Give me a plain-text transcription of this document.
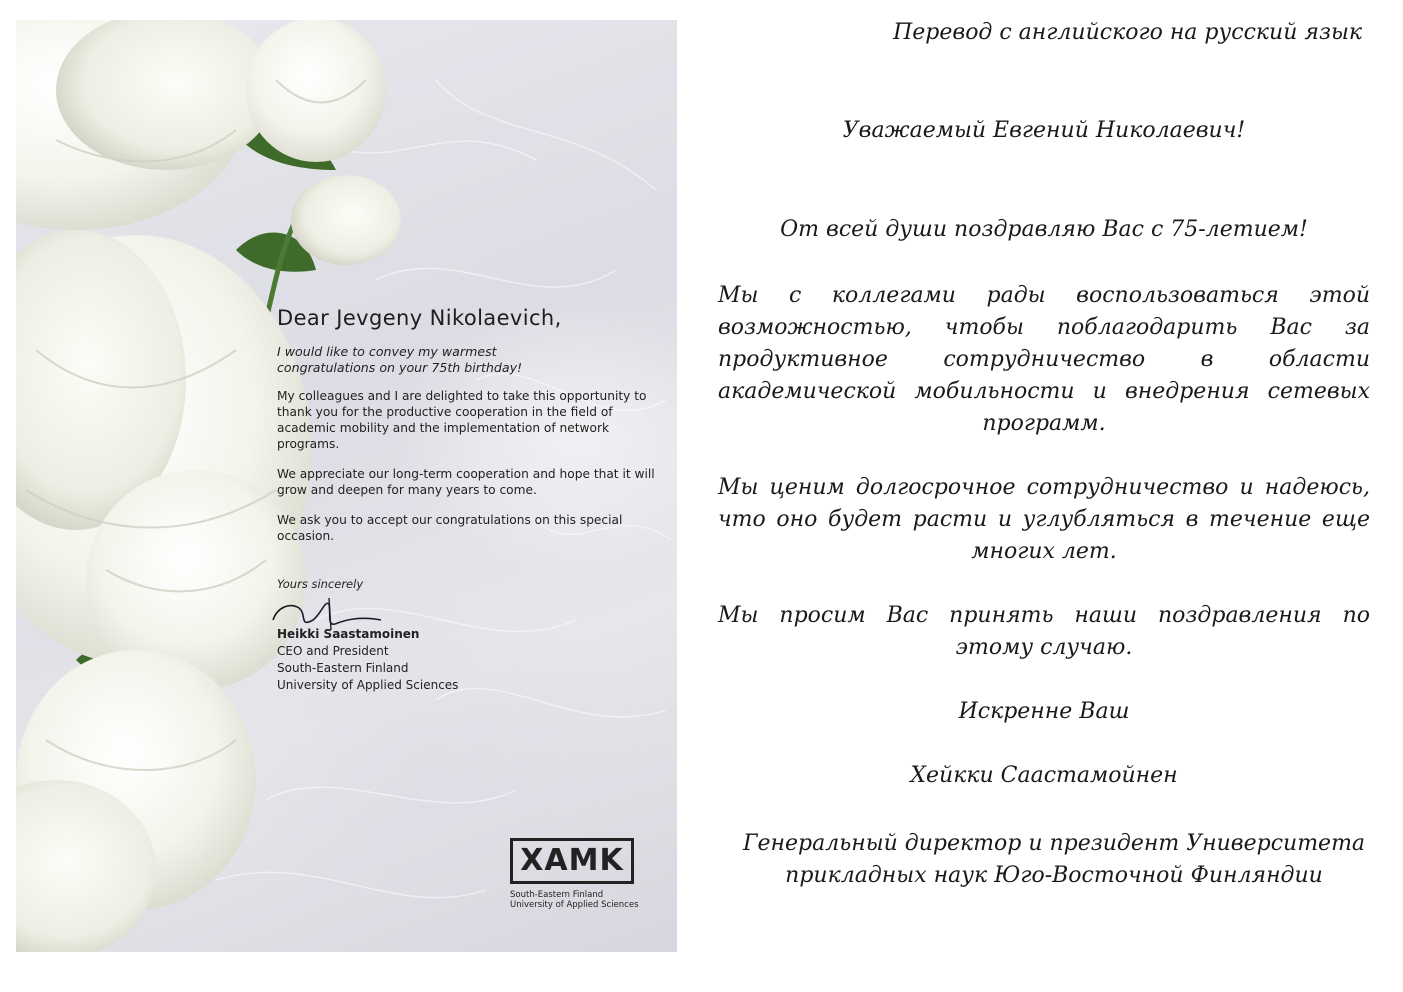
Dear Jevgeny Nikolaevich,

I would like to convey my warmest congratulations on your 75th birthday!

My colleagues and I are delighted to take this opportunity to thank you for the productive cooperation in the field of academic mobility and the implementation of network programs.

We appreciate our long-term cooperation and hope that it will grow and deepen for many years to come.

We ask you to accept our congratulations on this special occasion.

Yours sincerely

Heikki Saastamoinen

CEO and President

South-Eastern Finland

University of Applied Sciences

XAMK
South-Eastern Finland
University of Applied Sciences

Перевод с английского на русский язык

Уважаемый Евгений Николаевич!

От всей души поздравляю Вас с 75-летием!

Мы с коллегами рады воспользоваться этой возможностью, чтобы поблагодарить Вас за продуктивное сотрудничество в области академической мобильности и внедрения сетевых программ.

Мы ценим долгосрочное сотрудничество и надеюсь, что оно будет расти и углубляться в течение еще многих лет.

Мы просим Вас принять наши поздравления по этому случаю.

Искренне Ваш

Хейкки Саастамойнен

Генеральный директор и президент Университета прикладных наук Юго-Восточной Финляндии
